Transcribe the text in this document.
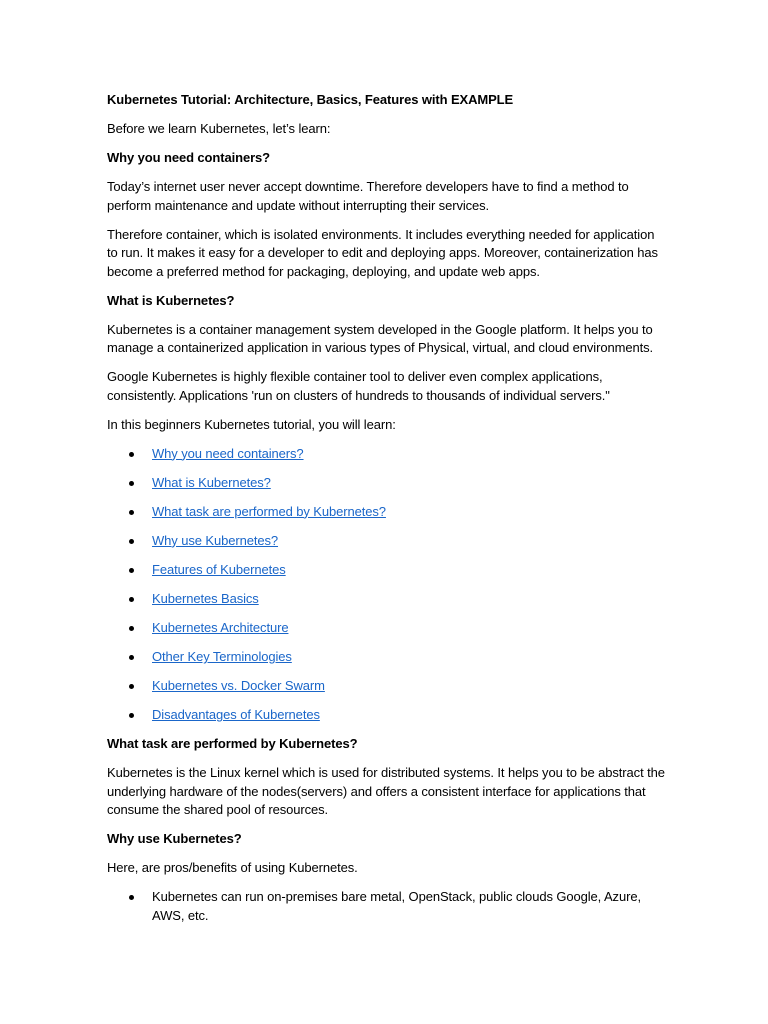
Kubernetes Tutorial: Architecture, Basics, Features with EXAMPLE
Before we learn Kubernetes, let’s learn:
Why you need containers?
Today’s internet user never accept downtime. Therefore developers have to find a method to perform maintenance and update without interrupting their services.
Therefore container, which is isolated environments. It includes everything needed for application to run. It makes it easy for a developer to edit and deploying apps. Moreover, containerization has become a preferred method for packaging, deploying, and update web apps.
What is Kubernetes?
Kubernetes is a container management system developed in the Google platform. It helps you to manage a containerized application in various types of Physical, virtual, and cloud environments.
Google Kubernetes is highly flexible container tool to deliver even complex applications, consistently. Applications 'run on clusters of hundreds to thousands of individual servers."
In this beginners Kubernetes tutorial, you will learn:
Why you need containers?
What is Kubernetes?
What task are performed by Kubernetes?
Why use Kubernetes?
Features of Kubernetes
Kubernetes Basics
Kubernetes Architecture
Other Key Terminologies
Kubernetes vs. Docker Swarm
Disadvantages of Kubernetes
What task are performed by Kubernetes?
Kubernetes is the Linux kernel which is used for distributed systems. It helps you to be abstract the underlying hardware of the nodes(servers) and offers a consistent interface for applications that consume the shared pool of resources.
Why use Kubernetes?
Here, are pros/benefits of using Kubernetes.
Kubernetes can run on-premises bare metal, OpenStack, public clouds Google, Azure, AWS, etc.
